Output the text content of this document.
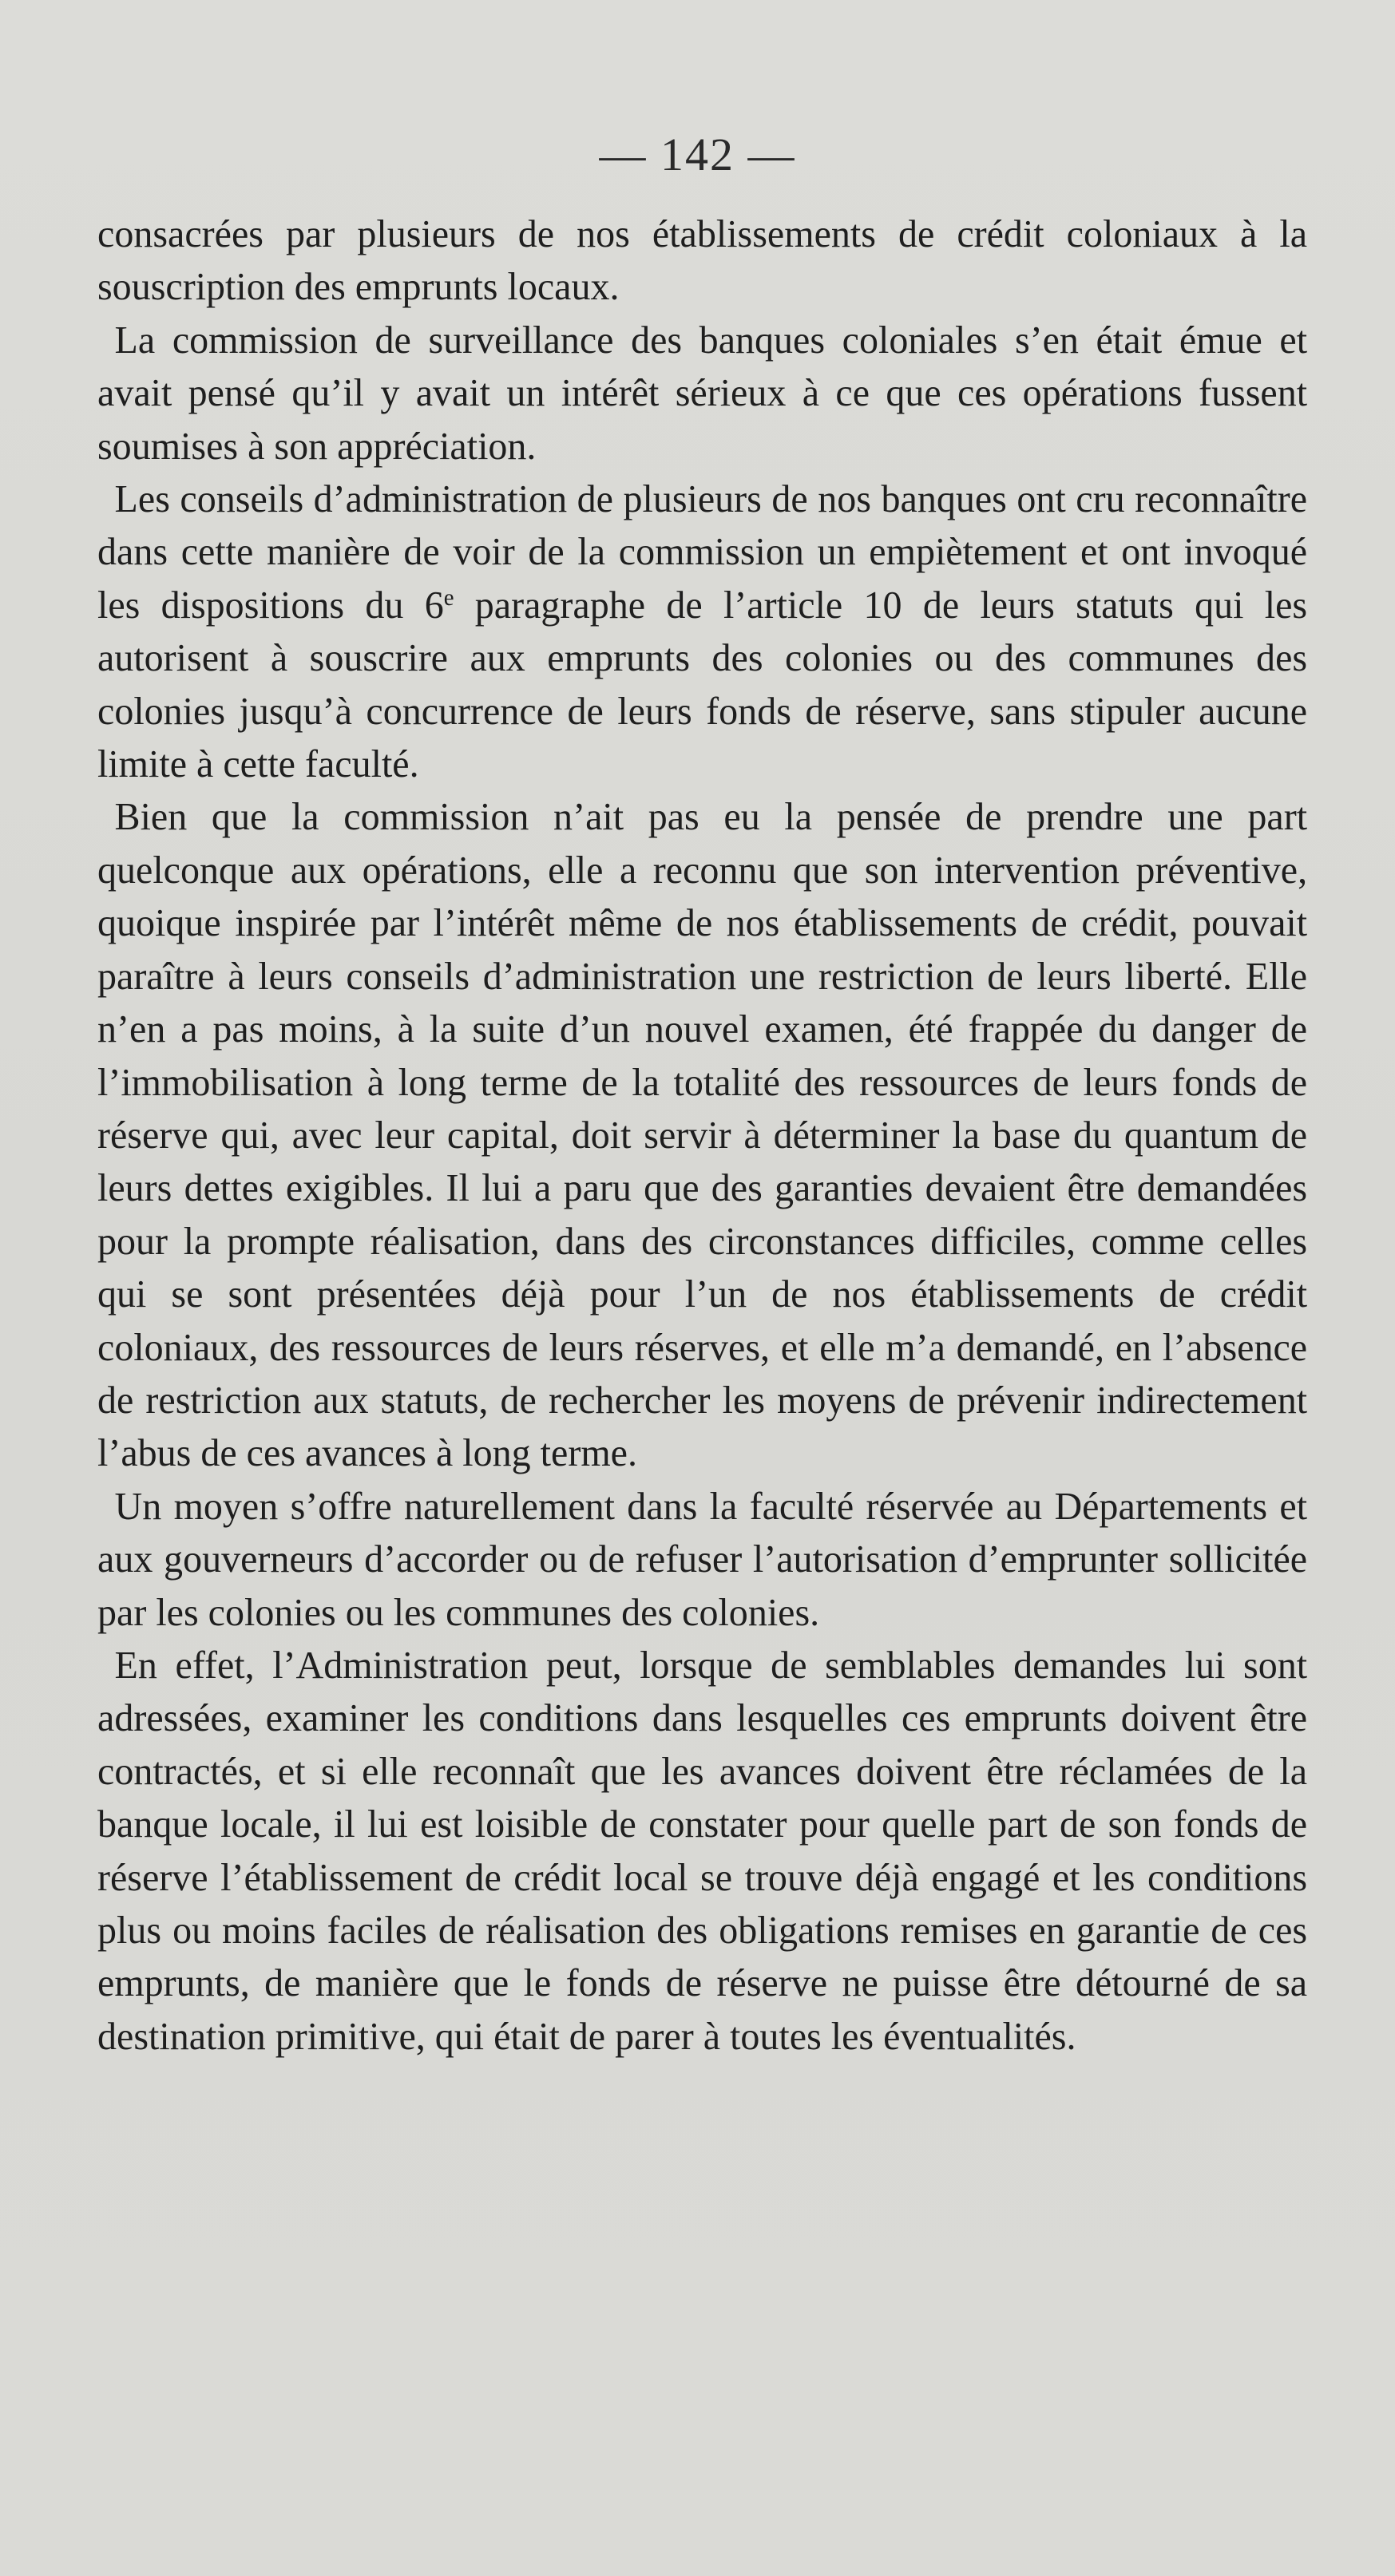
— 142 —

consacrées par plusieurs de nos établissements de crédit coloniaux à la souscription des emprunts locaux.

La commission de surveillance des banques coloniales s’en était émue et avait pensé qu’il y avait un intérêt sérieux à ce que ces opérations fussent soumises à son appréciation.

Les conseils d’administration de plusieurs de nos banques ont cru reconnaître dans cette manière de voir de la commission un empiètement et ont invoqué les dispositions du 6e paragraphe de l’article 10 de leurs statuts qui les autorisent à souscrire aux emprunts des colonies ou des communes des colonies jusqu’à concurrence de leurs fonds de réserve, sans stipuler aucune limite à cette faculté.

Bien que la commission n’ait pas eu la pensée de prendre une part quelconque aux opérations, elle a reconnu que son intervention préventive, quoique inspirée par l’intérêt même de nos établissements de crédit, pouvait paraître à leurs conseils d’administration une restriction de leurs liberté. Elle n’en a pas moins, à la suite d’un nouvel examen, été frappée du danger de l’immobilisation à long terme de la totalité des ressources de leurs fonds de réserve qui, avec leur capital, doit servir à déterminer la base du quantum de leurs dettes exigibles. Il lui a paru que des garanties devaient être demandées pour la prompte réalisation, dans des circonstances difficiles, comme celles qui se sont présentées déjà pour l’un de nos établissements de crédit coloniaux, des ressources de leurs réserves, et elle m’a demandé, en l’absence de restriction aux statuts, de rechercher les moyens de prévenir indirectement l’abus de ces avances à long terme.

Un moyen s’offre naturellement dans la faculté réservée au Départements et aux gouverneurs d’accorder ou de refuser l’autorisation d’emprunter sollicitée par les colonies ou les communes des colonies.

En effet, l’Administration peut, lorsque de semblables demandes lui sont adressées, examiner les conditions dans lesquelles ces emprunts doivent être contractés, et si elle reconnaît que les avances doivent être réclamées de la banque locale, il lui est loisible de constater pour quelle part de son fonds de réserve l’établissement de crédit local se trouve déjà engagé et les conditions plus ou moins faciles de réalisation des obligations remises en garantie de ces emprunts, de manière que le fonds de réserve ne puisse être détourné de sa destination primitive, qui était de parer à toutes les éventualités.
